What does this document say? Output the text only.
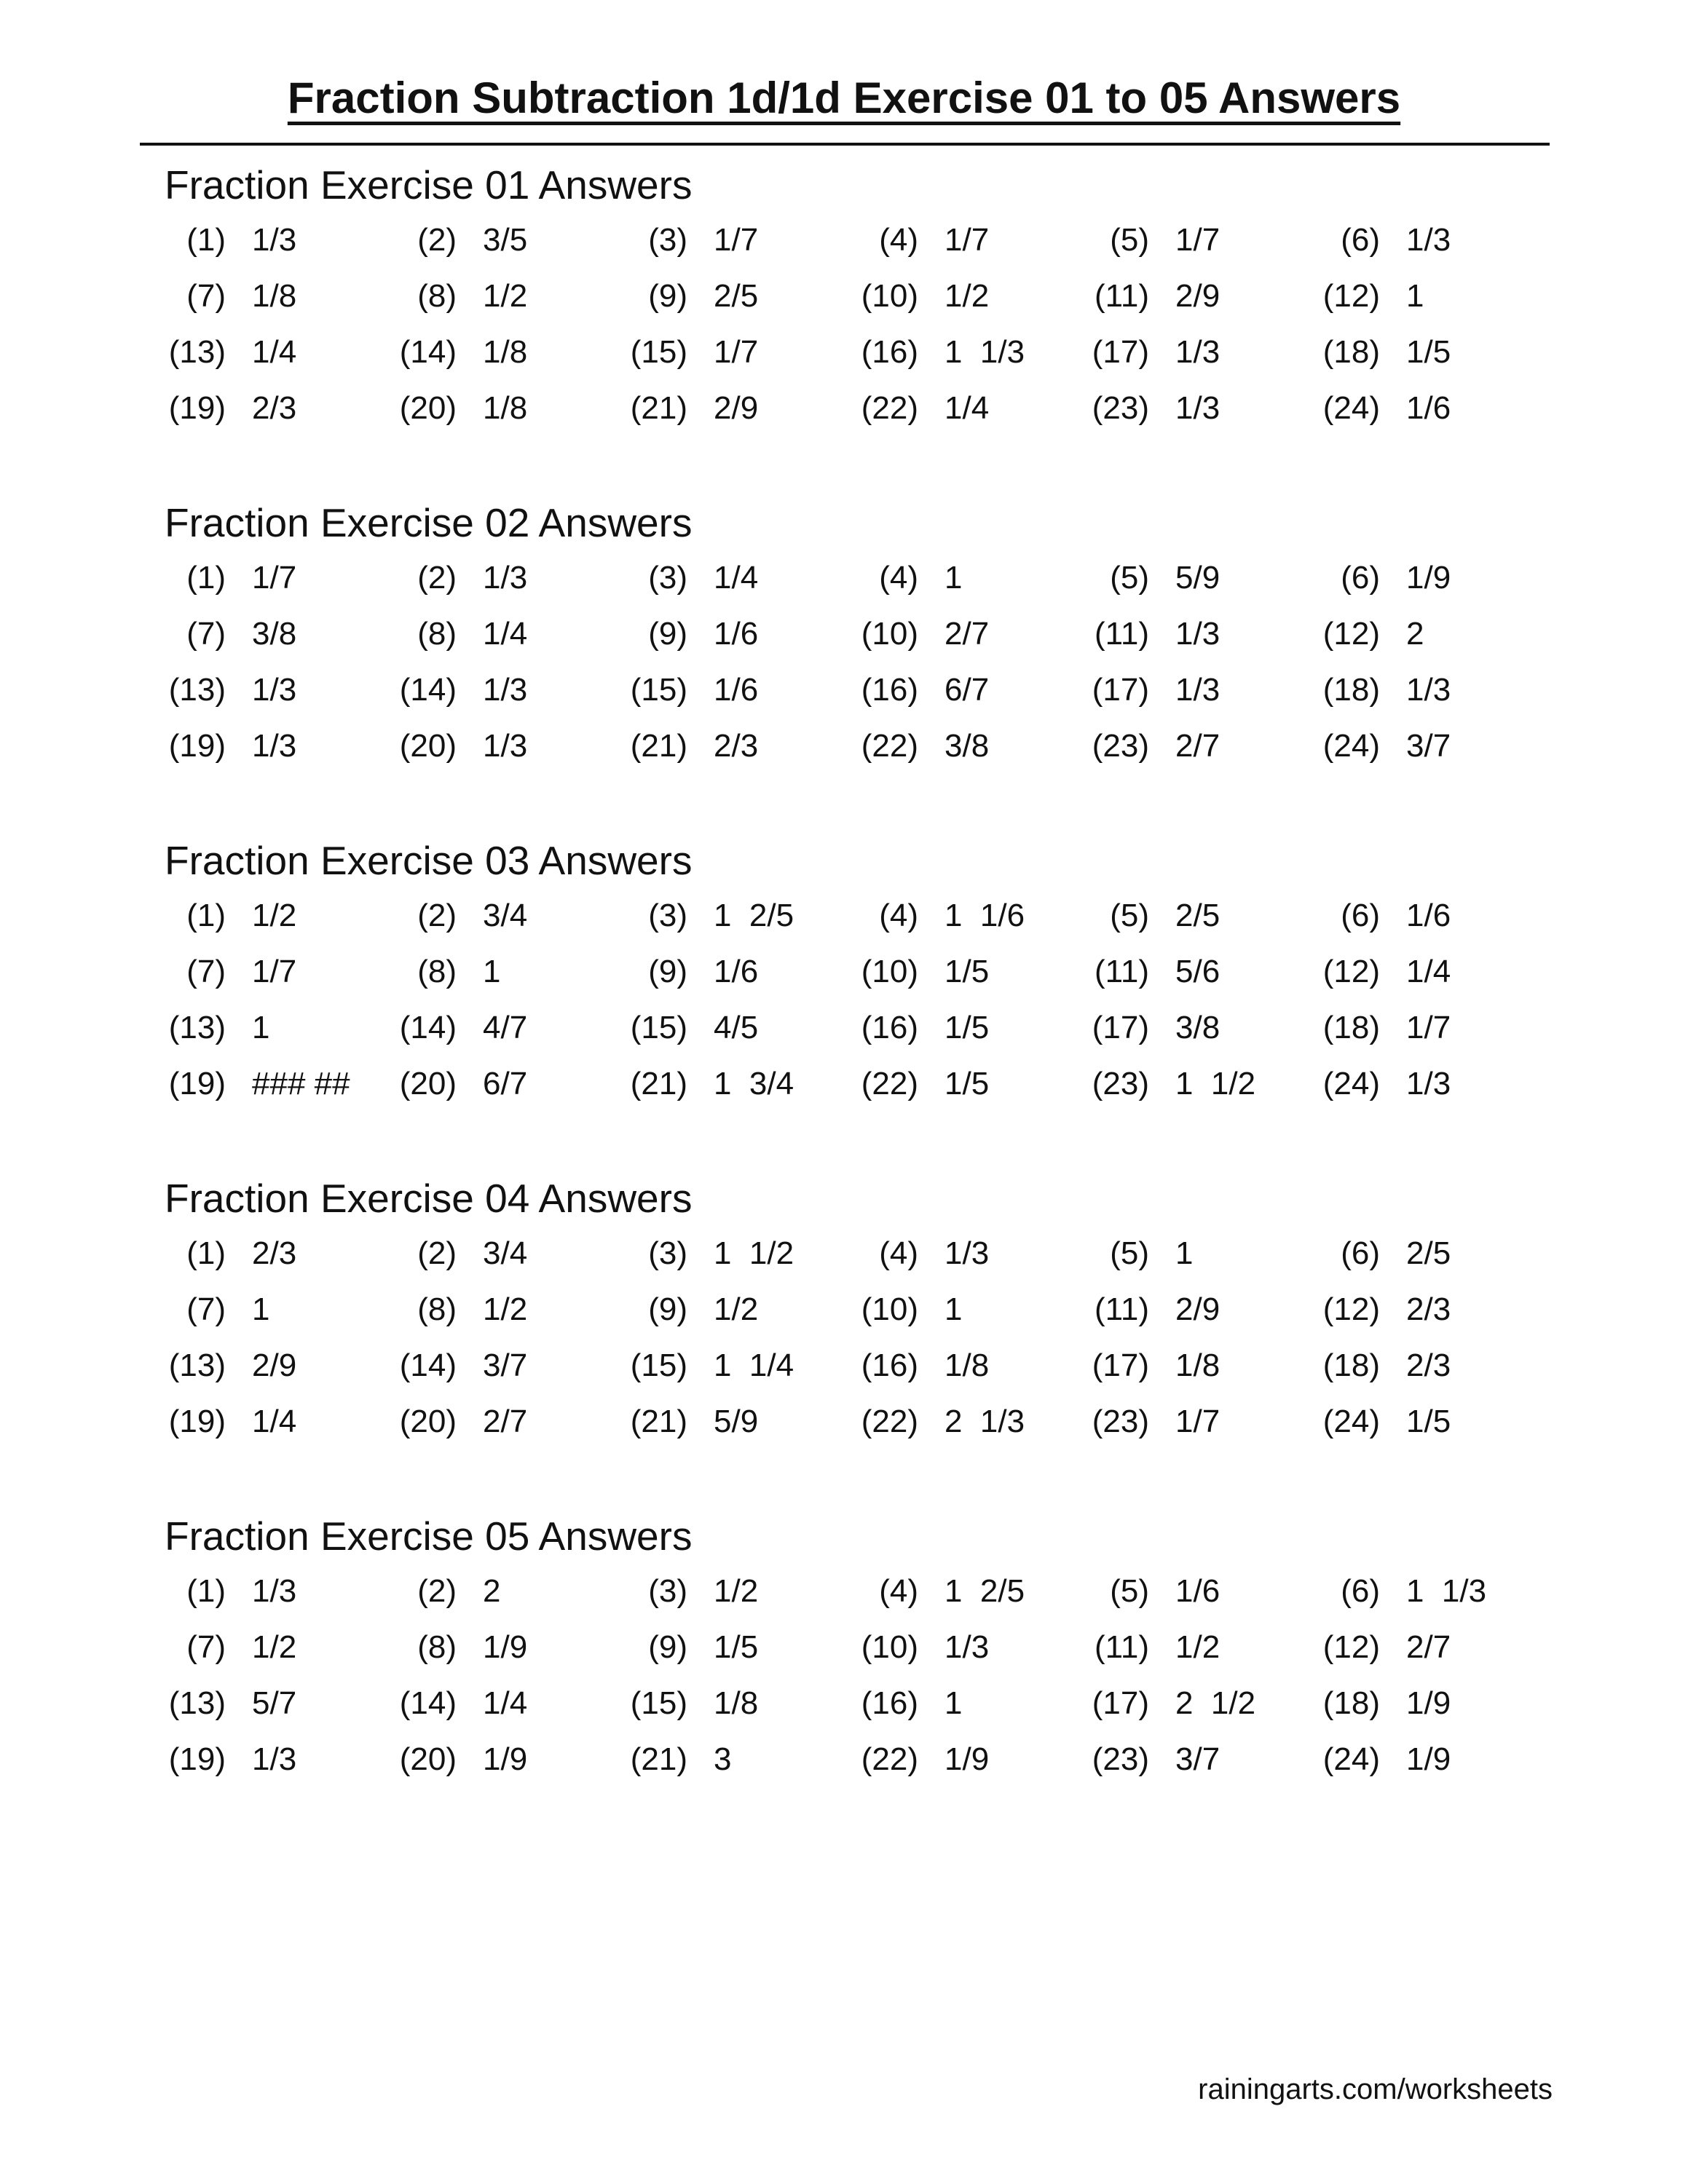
Fraction Subtraction 1d/1d Exercise 01 to 05 Answers
Fraction Exercise 01 Answers
(1) 1/3	(2) 3/5	(3) 1/7	(4) 1/7	(5) 1/7	(6) 1/3
(7) 1/8	(8) 1/2	(9) 2/5	(10) 1/2	(11) 2/9	(12) 1
(13) 1/4	(14) 1/8	(15) 1/7	(16) 1  1/3 (17) 1/3	(18) 1/5
(19) 2/3	(20) 1/8	(21) 2/9	(22) 1/4	(23) 1/3	(24) 1/6
Fraction Exercise 02 Answers
(1) 1/7	(2) 1/3	(3) 1/4	(4) 1	(5) 5/9	(6) 1/9
(7) 3/8	(8) 1/4	(9) 1/6	(10) 2/7	(11) 1/3	(12) 2
(13) 1/3	(14) 1/3	(15) 1/6	(16) 6/7	(17) 1/3	(18) 1/3
(19) 1/3	(20) 1/3	(21) 2/3	(22) 3/8	(23) 2/7	(24) 3/7
Fraction Exercise 03 Answers
(1) 1/2	(2) 3/4	(3) 1  2/5	(4) 1  1/6	(5) 2/5	(6) 1/6
(7) 1/7	(8) 1	(9) 1/6	(10) 1/5	(11) 5/6	(12) 1/4
(13) 1	(14) 4/7	(15) 4/5	(16) 1/5	(17) 3/8	(18) 1/7
(19) ### ## (20) 6/7	(21) 1  3/4 (22) 1/5	(23) 1  1/2 (24) 1/3
Fraction Exercise 04 Answers
(1) 2/3	(2) 3/4	(3) 1  1/2	(4) 1/3	(5) 1	(6) 2/5
(7) 1	(8) 1/2	(9) 1/2	(10) 1	(11) 2/9	(12) 2/3
(13) 2/9	(14) 3/7	(15) 1  1/4 (16) 1/8	(17) 1/8	(18) 2/3
(19) 1/4	(20) 2/7	(21) 5/9	(22) 2  1/3 (23) 1/7	(24) 1/5
Fraction Exercise 05 Answers
(1) 1/3	(2) 2	(3) 1/2	(4) 1  2/5	(5) 1/6	(6) 1  1/3
(7) 1/2	(8) 1/9	(9) 1/5	(10) 1/3	(11) 1/2	(12) 2/7
(13) 5/7	(14) 1/4	(15) 1/8	(16) 1	(17) 2  1/2 (18) 1/9
(19) 1/3	(20) 1/9	(21) 3	(22) 1/9	(23) 3/7	(24) 1/9
rainingarts.com/worksheets
